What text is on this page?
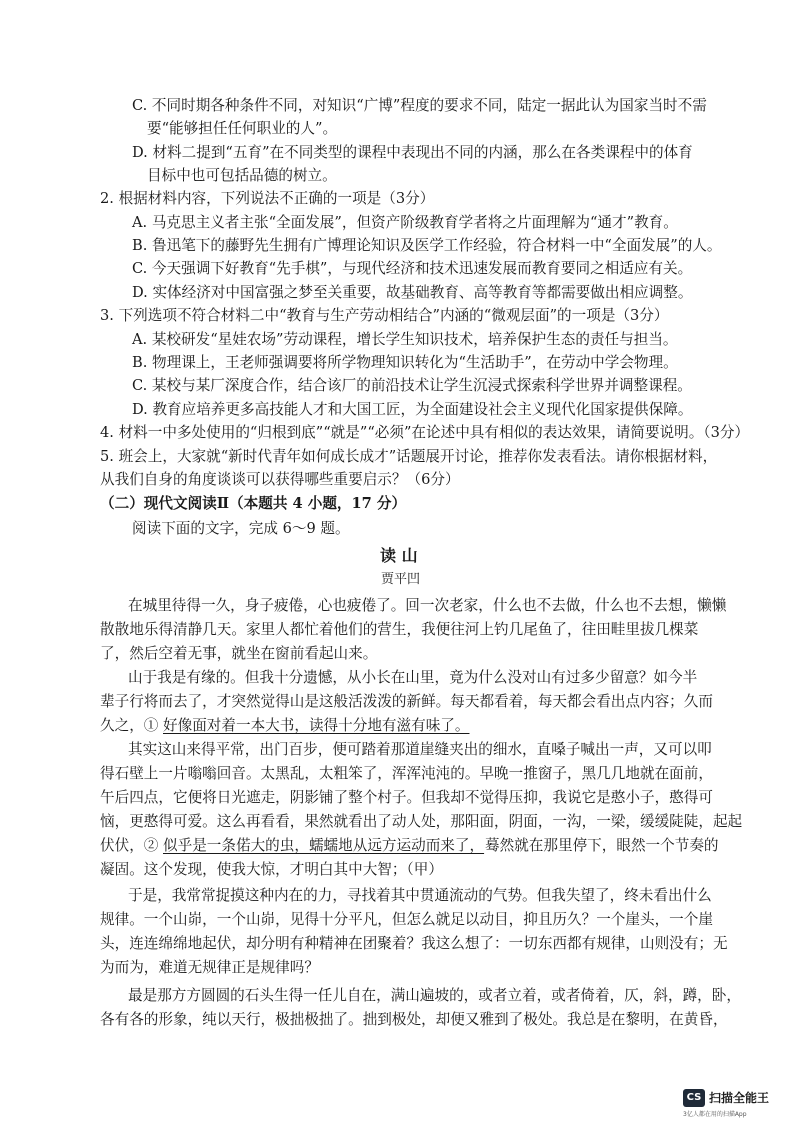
C. 不同时期各种条件不同，对知识“广博”程度的要求不同，陆定一据此认为国家当时不需
要“能够担任任何职业的人”。
D. 材料二提到“五育”在不同类型的课程中表现出不同的内涵，那么在各类课程中的体育
目标中也可包括品德的树立。
2. 根据材料内容，下列说法不正确的一项是（3分）
A. 马克思主义者主张“全面发展”，但资产阶级教育学者将之片面理解为“通才”教育。
B. 鲁迅笔下的藤野先生拥有广博理论知识及医学工作经验，符合材料一中“全面发展”的人。
C. 今天强调下好教育“先手棋”，与现代经济和技术迅速发展而教育要同之相适应有关。
D. 实体经济对中国富强之梦至关重要，故基础教育、高等教育等都需要做出相应调整。
3. 下列选项不符合材料二中“教育与生产劳动相结合”内涵的“微观层面”的一项是（3分）
A. 某校研发“星娃农场”劳动课程，增长学生知识技术，培养保护生态的责任与担当。
B. 物理课上，王老师强调要将所学物理知识转化为“生活助手”，在劳动中学会物理。
C. 某校与某厂深度合作，结合该厂的前沿技术让学生沉浸式探索科学世界并调整课程。
D. 教育应培养更多高技能人才和大国工匠，为全面建设社会主义现代化国家提供保障。
4. 材料一中多处使用的“归根到底”“就是”“必须”在论述中具有相似的表达效果，请简要说明。（3分）
5. 班会上，大家就“新时代青年如何成长成才”话题展开讨论，推荐你发表看法。请你根据材料，
从我们自身的角度谈谈可以获得哪些重要启示？（6分）
（二）现代文阅读Ⅱ（本题共 4 小题，17 分）
阅读下面的文字，完成 6～9 题。
在城里待得一久，身子疲倦，心也疲倦了。回一次老家，什么也不去做，什么也不去想，懒懒
散散地乐得清静几天。家里人都忙着他们的营生，我便往河上钓几尾鱼了，往田畦里拔几棵菜
了，然后空着无事，就坐在窗前看起山来。
山于我是有缘的。但我十分遗憾，从小长在山里，竟为什么没对山有过多少留意？如今半
辈子行将而去了，才突然觉得山是这般活泼泼的新鲜。每天都看着，每天都会看出点内容；久而
久之，①
其实这山来得平常，出门百步，便可踏着那道崖缝夹出的细水，直嗓子喊出一声，又可以叩
得石壁上一片嗡嗡回音。太黑乱，太粗笨了，浑浑沌沌的。早晚一推窗子，黑几几地就在面前，
午后四点，它便将日光遮走，阴影铺了整个村子。但我却不觉得压抑，我说它是憨小子，憨得可
恼，更憨得可爱。这么再看看，果然就看出了动人处，那阳面，阴面，一沟，一梁，缓缓陡陡，起起
伏伏，②
凝固。这个发现，使我大惊，才明白其中大智；（甲）
于是，我常常捉摸这种内在的力，寻找着其中贯通流动的气势。但我失望了，终未看出什么
规律。一个山峁，一个山峁，见得十分平凡，但怎么就足以动目，抑且历久？一个崖头，一个崖
头，连连绵绵地起伏，却分明有种精神在团聚着？我这么想了：一切东西都有规律，山则没有；无
为而为，难道无规律正是规律吗？
最是那方方圆圆的石头生得一任儿自在，满山遍坡的，或者立着，或者倚着，仄，斜，蹲，卧，
各有各的形象，纯以天行，极拙极拙了。拙到极处，却便又雅到了极处。我总是在黎明，在黄昏，
好像面对着一本大书，读得十分地有滋有味了。
似乎是一条偌大的虫，蠕蠕地从远方运动而来了， 蓦然就在那里停下，眼然一个节奏的
读 山
贾平凹
CS 扫描全能王
3亿人都在用的扫描App
